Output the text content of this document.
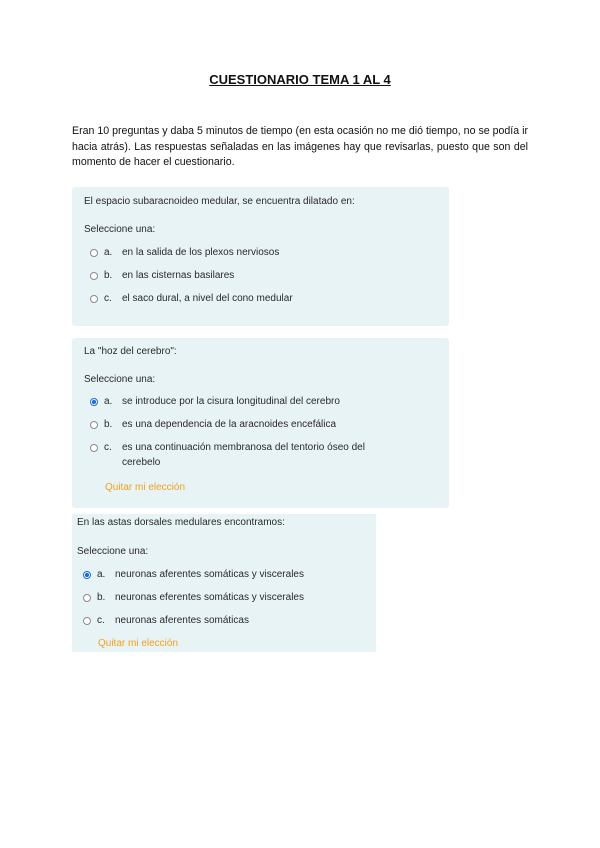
CUESTIONARIO TEMA 1 AL 4
Eran 10 preguntas y daba 5 minutos de tiempo (en esta ocasión no me dió tiempo, no se podía ir hacia atrás). Las respuestas señaladas en las imágenes hay que revisarlas, puesto que son del momento de hacer el cuestionario.
El espacio subaracnoideo medular, se encuentra dilatado en:
Seleccione una:
a. en la salida de los plexos nerviosos
b. en las cisternas basilares
c.	el saco dural, a nivel del cono medular
La "hoz del cerebro":
Seleccione una:
a. se introduce por la cisura longitudinal del cerebro
b. es una dependencia de la aracnoides encefálica
c.	es una continuación membranosa del tentorio óseo del cerebelo
Quitar mi elección
En las astas dorsales medulares encontramos:
Seleccione una:
a. neuronas aferentes somáticas y viscerales
b. neuronas eferentes somáticas y viscerales
c.	neuronas aferentes somáticas
Quitar mi elección
